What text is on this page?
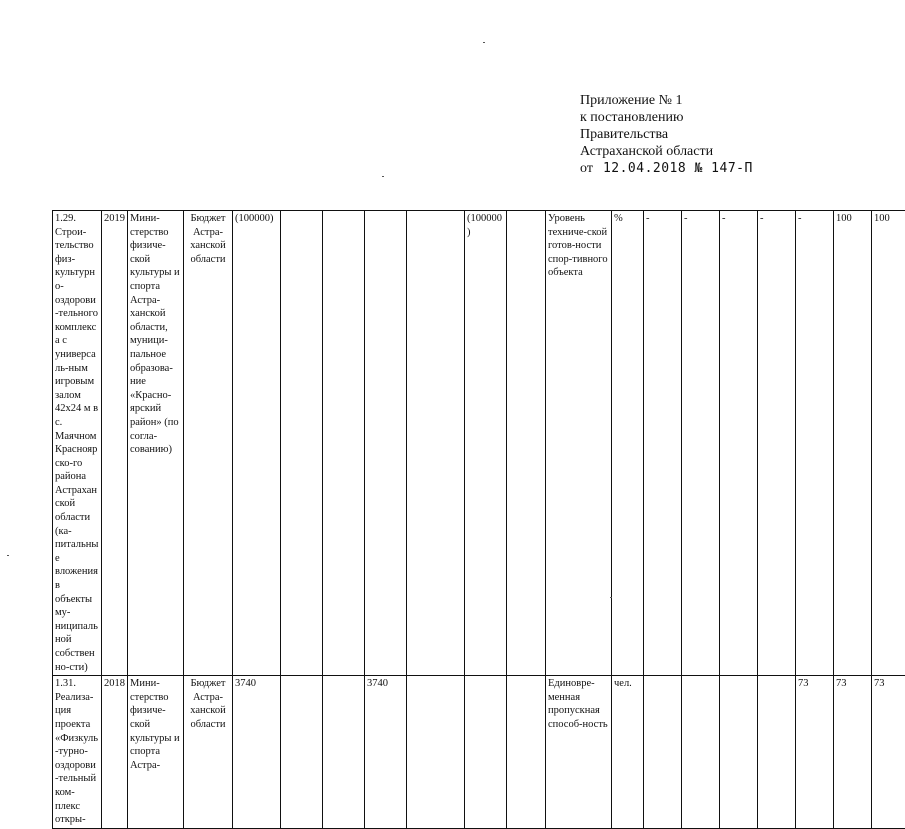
Приложение № 1
к постановлению
Правительства
Астраханской области
от 12.04.2018 № 147-П
1.29. Строи-тельство физ-культурно-оздорови-тельного комплекса с универсаль-ным игровым залом 42х24 м в с. Маячном Красноярско-го района Астраханской области (ка-питальные вложения в объекты му-ниципальной собственно-сти)	2019	Мини-стерство физиче-ской культуры и спорта Астра-ханской области, муници-пальное образова-ние «Красно-ярский район» (по согла-сованию)	Бюджет Астра-ханской области	(100000)					(100000)		Уровень техниче-ской готов-ности спор-тивного объекта	%	-	-	-	-	-	100	100
1.31. Реализа-ция проекта «Физкуль-турно-оздорови-тельный ком-плекс откры-	2018	Мини-стерство физиче-ской культуры и спорта Астра-	Бюджет Астра-ханской области	3740			3740				Единовре-менная пропускная способ-ность	чел.					73	73	73
